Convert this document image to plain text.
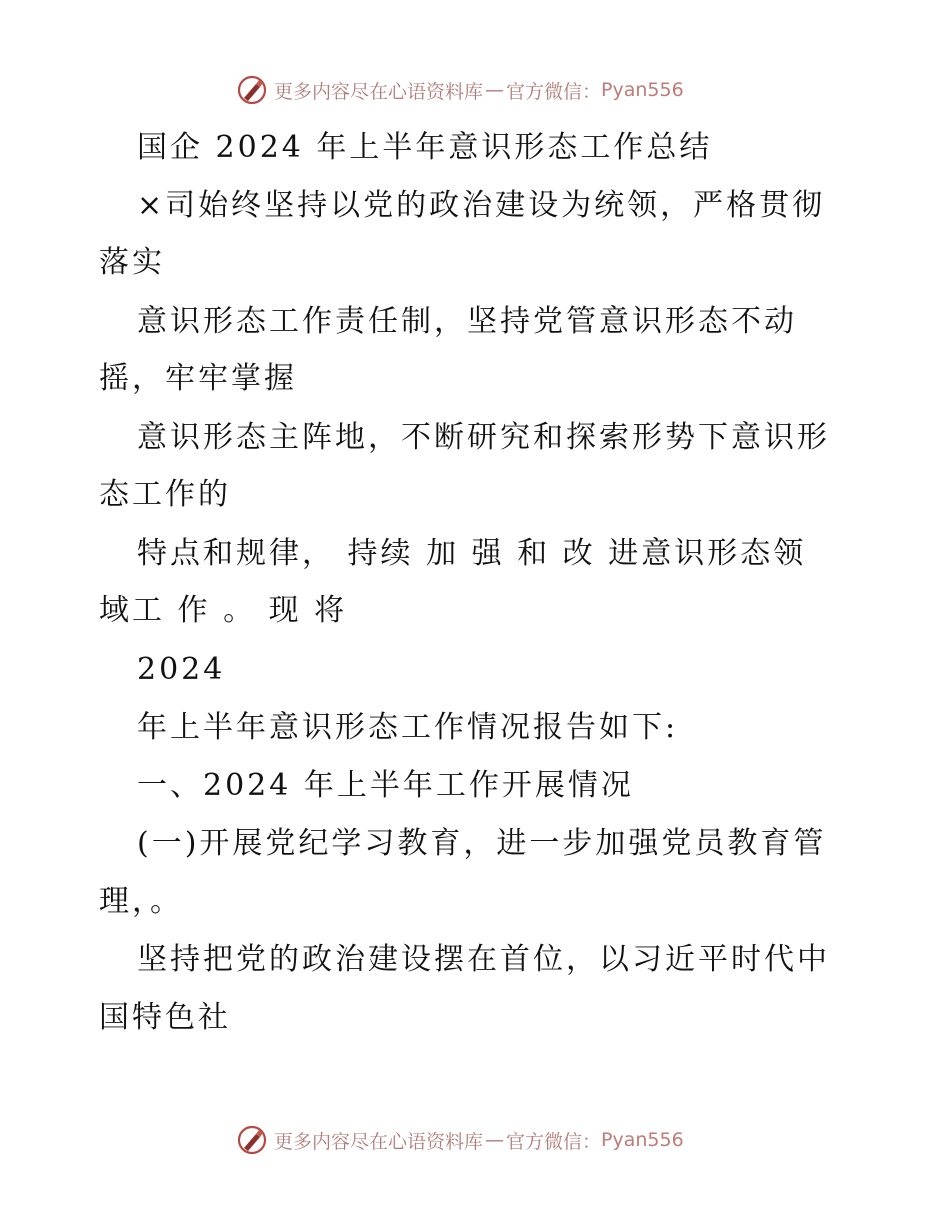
更多内容尽在心语资料库 — 官方微信： Pyan556
国企 2024 年上半年意识形态工作总结
×司始终坚持以党的政治建设为统领，严格贯彻
落实
意识形态工作责任制，坚持党管意识形态不动
摇，牢牢掌握
意识形态主阵地，不断研究和探索形势下意识形
态工作的
特点和规律， 持续 加 强 和 改 进意识形态领
域工 作 。 现 将
2024
年上半年意识形态工作情况报告如下:
一、2024 年上半年工作开展情况
(一)开展党纪学习教育，进一步加强党员教育管
理，。
坚持把党的政治建设摆在首位，以习近平时代中
国特色社
更多内容尽在心语资料库 — 官方微信： Pyan556
